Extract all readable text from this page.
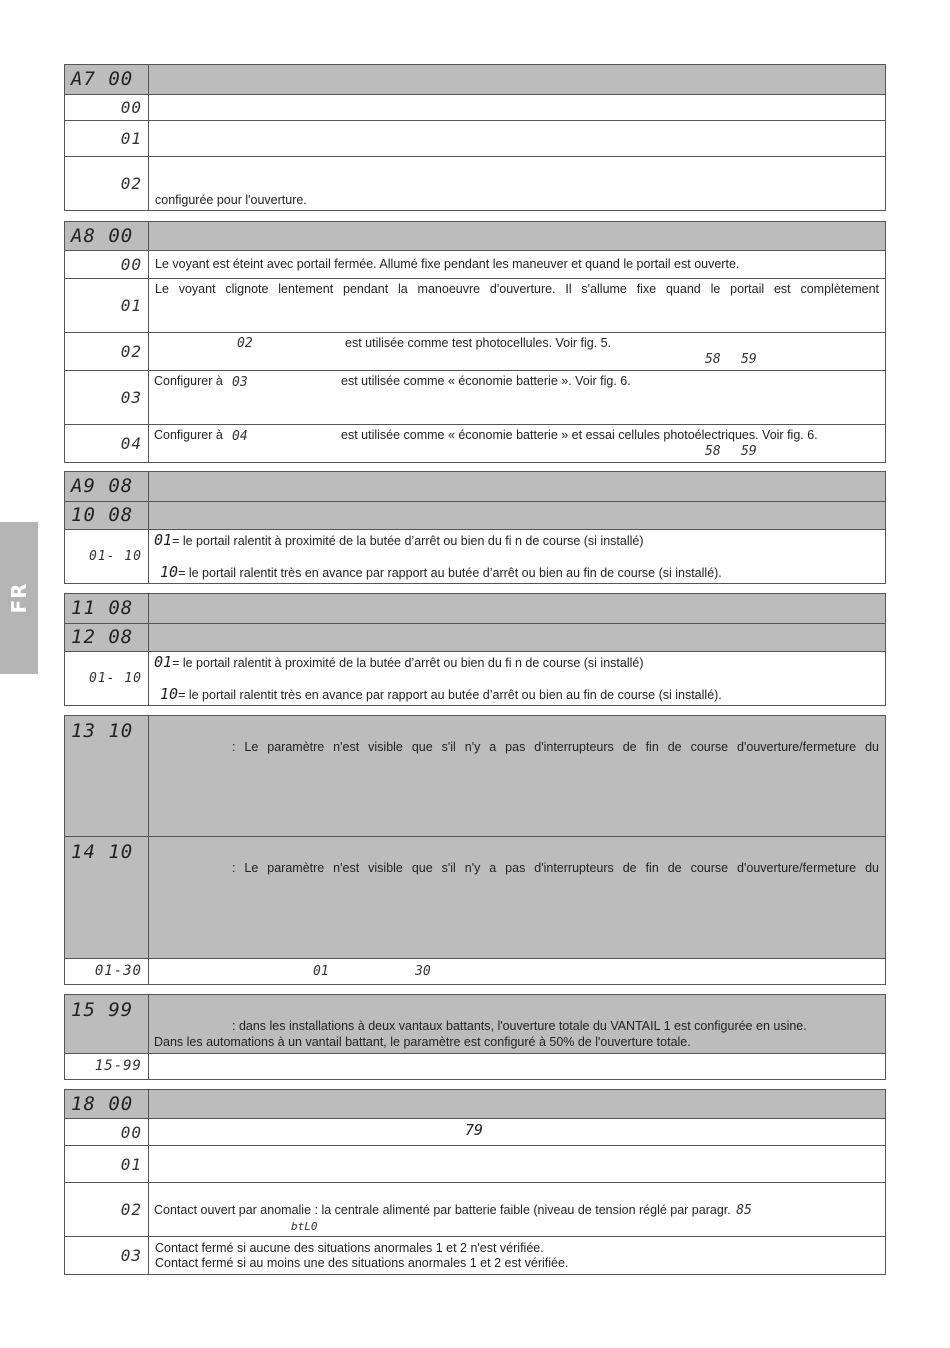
FR
A7 00	
00	
01	
02	configurée pour l'ouverture.
A8 00	
00	Le voyant est éteint avec portail fermée. Allumé fixe pendant les maneuver et quand le portail est ouverte.
01	Le voyant clignote lentement pendant la manoeuvre d'ouverture. Il s'allume fixe quand le portail est complètement

02	02 est utilisée comme test photocellules. Voir fig. 5.
58 59

03	Configurer à 03 est utilisée comme « économie batterie ». Voir fig. 6.

04	Configurer à 04 est utilisée comme « économie batterie » et essai cellules photoélectriques. Voir fig. 6.
58 59
A9 08	
10 08	
01- 10	01= le portail ralentit à proximité de la butée d’arrêt ou bien du fi n de course (si installé)
10= le portail ralentit très en avance par rapport au butée d’arrêt ou bien au fin de course (si installé).
11 08	
12 08	
01- 10	01= le portail ralentit à proximité de la butée d’arrêt ou bien du fi n de course (si installé)
10= le portail ralentit très en avance par rapport au butée d’arrêt ou bien au fin de course (si installé).
13 10	: Le paramètre n'est visible que s'il n'y a pas d'interrupteurs de fin de course d'ouverture/fermeture du

14 10	: Le paramètre n'est visible que s'il n'y a pas d'interrupteurs de fin de course d'ouverture/fermeture du

01-30	01 30
15 99	: dans les installations à deux vantaux battants, l'ouverture totale du VANTAIL 1 est configurée en usine.
Dans les automations à un vantail battant, le paramètre est configuré à 50% de l'ouverture totale.

15-99	
18 00	
00	79

01	
02	Contact ouvert par anomalie : la centrale alimenté par batterie faible (niveau de tension réglé par paragr. 85
btL0

03	Contact fermé si aucune des situations anormales 1 et 2 n'est vérifiée.
Contact fermé si au moins une des situations anormales 1 et 2 est vérifiée.
